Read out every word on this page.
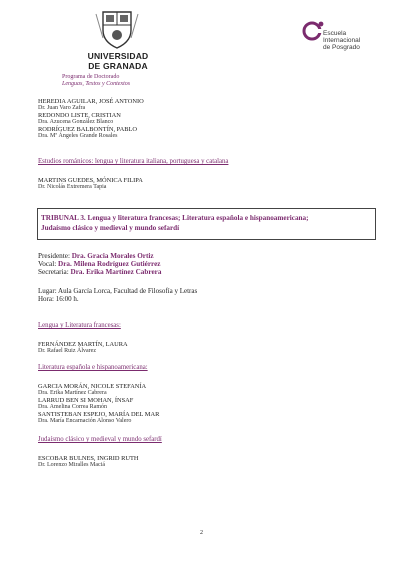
UNIVERSIDAD
DE GRANADA
Programa de Doctorado
Lenguas, Textos y Contextos
Escuela
Internacional
de Posgrado
HEREDIA AGUILAR, JOSÉ ANTONIO
Dr. Juan Varo Zafra
REDONDO LISTE, CRISTIAN
Dra. Azucena González Blanco
RODRÍGUEZ BALBONTÍN, PABLO
Dra. Mª Ángeles Grande Rosales
Estudios románicos: lengua y literatura italiana, portuguesa y catalana
MARTINS GUEDES, MÓNICA FILIPA
Dr. Nicolás Extremera Tapia
TRIBUNAL 3. Lengua y literatura francesas; Literatura española e hispanoamericana;
Judaísmo clásico y medieval y mundo sefardí
Presidente: Dra. Gracia Morales Ortiz
Vocal: Dra. Milena Rodríguez Gutiérrez
Secretaria: Dra. Erika Martínez Cabrera
Lugar: Aula García Lorca, Facultad de Filosofía y Letras
Hora: 16:00 h.
Lengua y Literatura francesas:
FERNÁNDEZ MARTÍN, LAURA
Dr. Rafael Ruiz Álvarez
Literatura española e hispanoamericana:
GARCIA MORÁN, NICOLE STEFANÍA
Dra. Erika Martínez Cabrera
LARRUD BEN SI MOHAN, ÍNSAF
Dra. Amelina Correa Ramón
SANTISTEBAN ESPEJO, MARÍA DEL MAR
Dra. María Encarnación Alonso Valero
Judaísmo clásico y medieval y mundo sefardí
ESCOBAR BULNES, INGRID RUTH
Dr. Lorenzo Miralles Maciá
2
